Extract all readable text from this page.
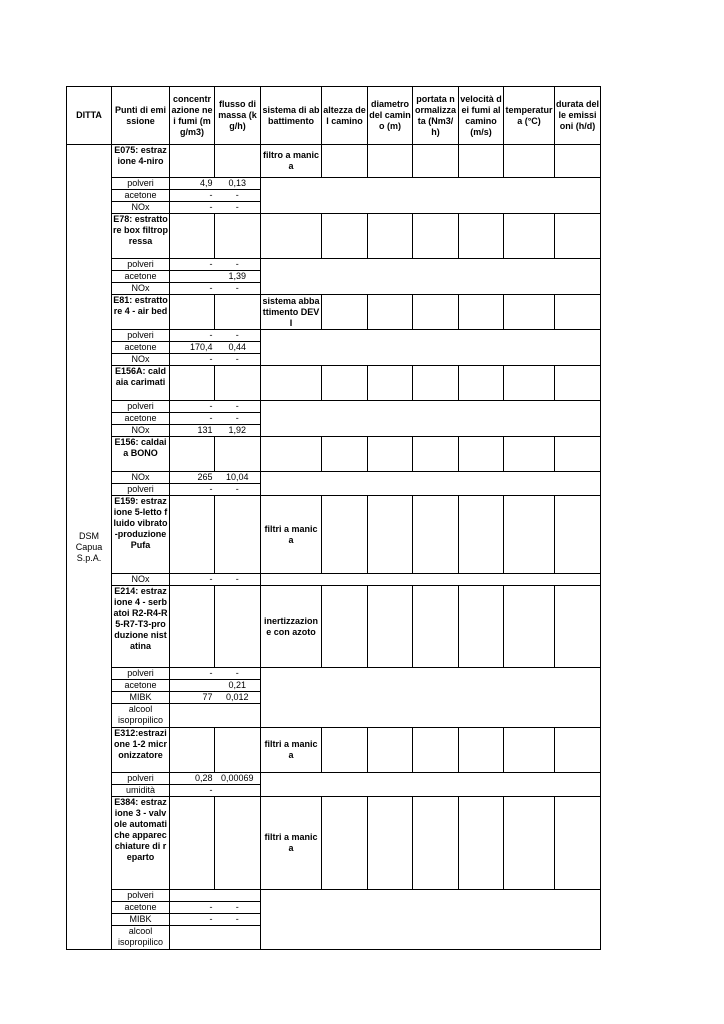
DITTA	Punti di emissione	concentrazione nei fumi (mg/m3)	flusso di massa (kg/h)	sistema di abbattimento	altezza del camino	diametro del camino (m)	portata normalizzata (Nm3/h)	velocità dei fumi al camino (m/s)	temperatura (°C)	durata delle emissioni (h/d)
DSM Capua S.p.A.	E075: estrazione 4-niro			filtro a manica						
	polveri	4,9	0,13							
	acetone	-	-							
	NOx	-	-							
	E78: estrattore box filtropressa									
	polveri	-	-							
	acetone		1,39							
	NOx	-	-							
	E81: estrattore 4 - air bed			sistema abbattimento DEVI						
	polveri	-	-							
	acetone	170,4	0,44							
	NOx	-	-							
	E156A: caldaia carimati									
	polveri	-	-							
	acetone	-	-							
	NOx	131	1,92							
	E156: caldaia BONO									
	NOx	265	10,04							
	polveri	-	-							
	E159: estrazione 5-letto fluido vibrato-produzione Pufa			filtri a manica						
	NOx	-	-							
	E214: estrazione 4 - serbatoi R2-R4-R5-R7-T3-produzione nistatina			inertizzazione con azoto						
	polveri	-	-							
	acetone		0,21							
	MIBK	77	0,012							
	alcool isopropilico									
	E312:estrazione 1-2 micronizzatore			filtri a manica						
	polveri	0,28	0,00069							
	umidità	-								
	E384: estrazione 3 - valvole automatiche apparecchiature di reparto			filtri a manica						
	polveri									
	acetone	-	-							
	MIBK	-	-							
	alcool isopropilico									
